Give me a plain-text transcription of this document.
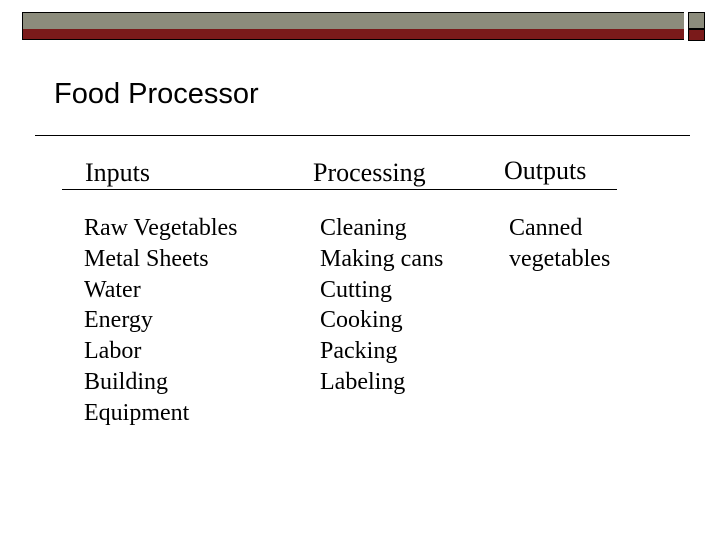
Food Processor
Inputs	Processing	Outputs
Raw Vegetables
Metal Sheets
Water
Energy
Labor
Building
Equipment
Cleaning
Making cans
Cutting
Cooking
Packing
Labeling
Canned
vegetables
